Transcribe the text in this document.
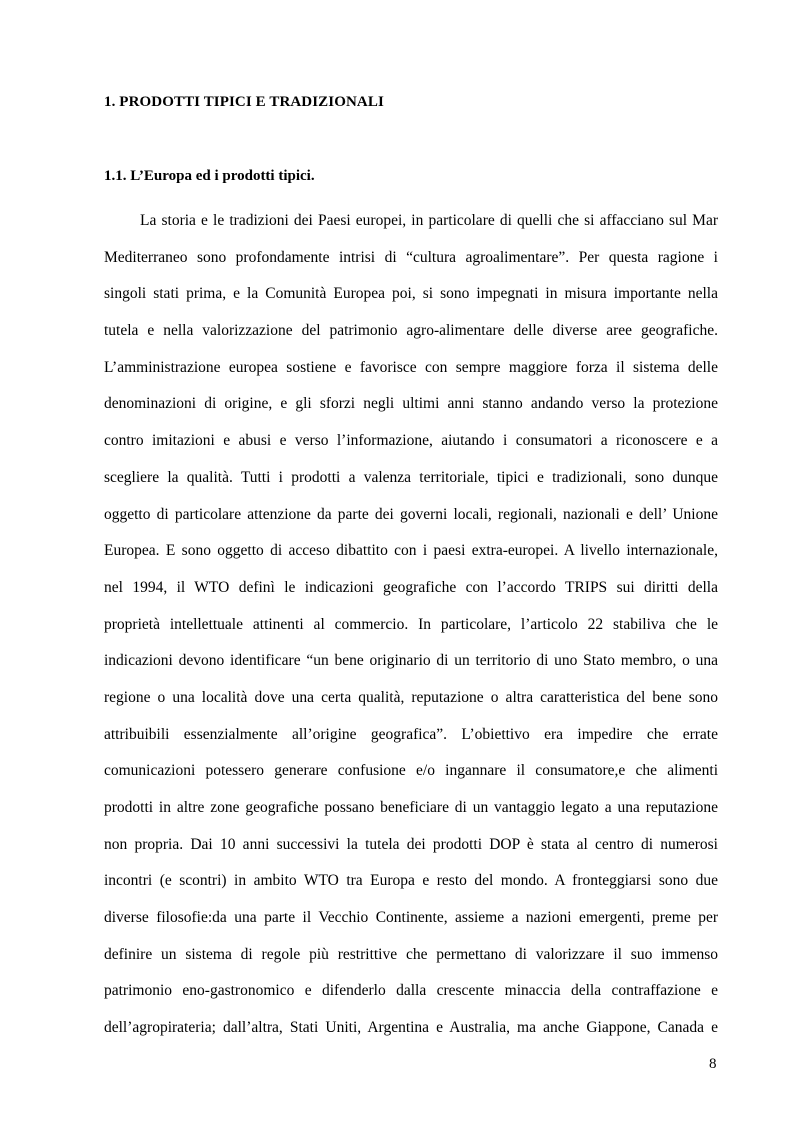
1. PRODOTTI TIPICI E TRADIZIONALI
1.1. L’Europa ed i prodotti tipici.
La storia e le tradizioni dei Paesi europei, in particolare di quelli che si affacciano sul Mar
Mediterraneo sono profondamente intrisi di “cultura agroalimentare”. Per questa ragione i
singoli stati prima, e la Comunità Europea poi, si sono impegnati in misura importante nella
tutela e nella valorizzazione del patrimonio agro-alimentare delle diverse aree geografiche.
L’amministrazione europea sostiene e favorisce con sempre maggiore forza il sistema delle
denominazioni di origine, e gli sforzi negli ultimi anni stanno andando verso la protezione
contro imitazioni e abusi e verso l’informazione, aiutando i consumatori a riconoscere e a
scegliere la qualità. Tutti i prodotti a valenza territoriale, tipici e tradizionali, sono dunque
oggetto di particolare attenzione da parte dei governi locali, regionali, nazionali e dell’ Unione
Europea. E sono oggetto di acceso dibattito con i paesi extra-europei. A livello internazionale,
nel 1994, il WTO definì le indicazioni geografiche con l’accordo TRIPS sui diritti della
proprietà intellettuale attinenti al commercio. In particolare, l’articolo 22 stabiliva che le
indicazioni devono identificare “un bene originario di un territorio di uno Stato membro, o una
regione o una località dove una certa qualità, reputazione o altra caratteristica del bene sono
attribuibili essenzialmente all’origine geografica”. L’obiettivo era impedire che errate
comunicazioni potessero generare confusione e/o ingannare il consumatore,e che alimenti
prodotti in altre zone geografiche possano beneficiare di un vantaggio legato a una reputazione
non propria. Dai 10 anni successivi la tutela dei prodotti DOP è stata al centro di numerosi
incontri (e scontri) in ambito WTO tra Europa e resto del mondo. A fronteggiarsi sono due
diverse filosofie:da una parte il Vecchio Continente, assieme a nazioni emergenti, preme per
definire un sistema di regole più restrittive che permettano di valorizzare il suo immenso
patrimonio eno-gastronomico e difenderlo dalla crescente minaccia della contraffazione e
dell’agropirateria; dall’altra, Stati Uniti, Argentina e Australia, ma anche Giappone, Canada e
8
